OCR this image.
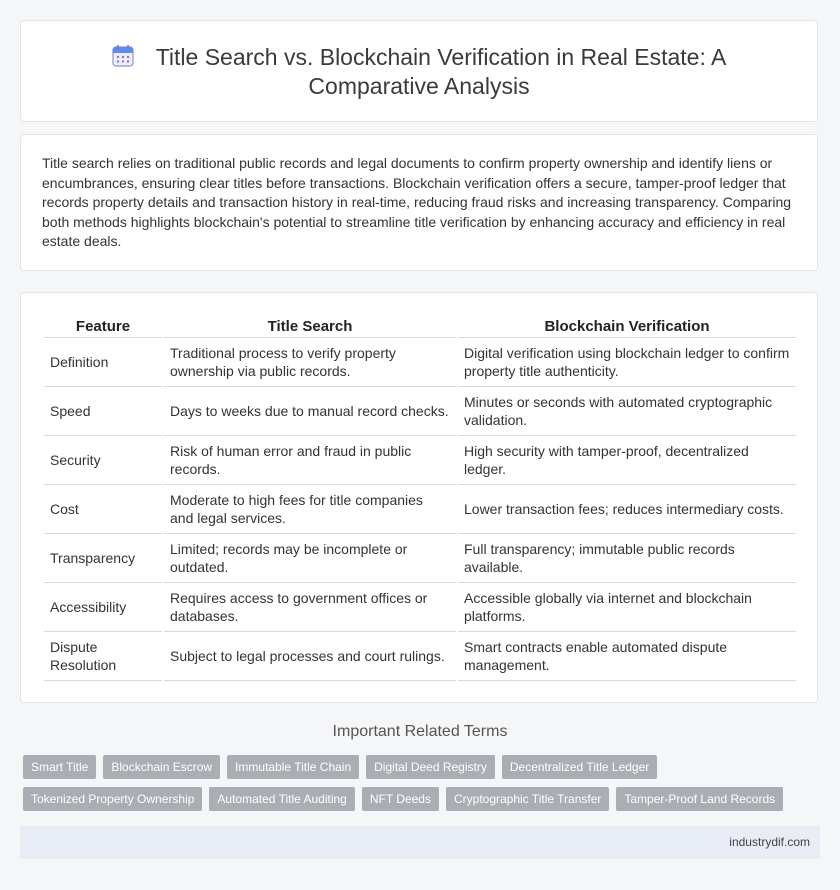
Title Search vs. Blockchain Verification in Real Estate: A Comparative Analysis
Title search relies on traditional public records and legal documents to confirm property ownership and identify liens or encumbrances, ensuring clear titles before transactions. Blockchain verification offers a secure, tamper-proof ledger that records property details and transaction history in real-time, reducing fraud risks and increasing transparency. Comparing both methods highlights blockchain's potential to streamline title verification by enhancing accuracy and efficiency in real estate deals.
Feature	Title Search	Blockchain Verification
Definition	Traditional process to verify property ownership via public records.	Digital verification using blockchain ledger to confirm property title authenticity.
Speed	Days to weeks due to manual record checks.	Minutes or seconds with automated cryptographic validation.
Security	Risk of human error and fraud in public records.	High security with tamper-proof, decentralized ledger.
Cost	Moderate to high fees for title companies and legal services.	Lower transaction fees; reduces intermediary costs.
Transparency	Limited; records may be incomplete or outdated.	Full transparency; immutable public records available.
Accessibility	Requires access to government offices or databases.	Accessible globally via internet and blockchain platforms.
Dispute Resolution	Subject to legal processes and court rulings.	Smart contracts enable automated dispute management.
Important Related Terms
Smart Title	Blockchain Escrow	Immutable Title Chain	Digital Deed Registry	Decentralized Title Ledger
Tokenized Property Ownership	Automated Title Auditing	NFT Deeds	Cryptographic Title Transfer	Tamper-Proof Land Records
industrydif.com
